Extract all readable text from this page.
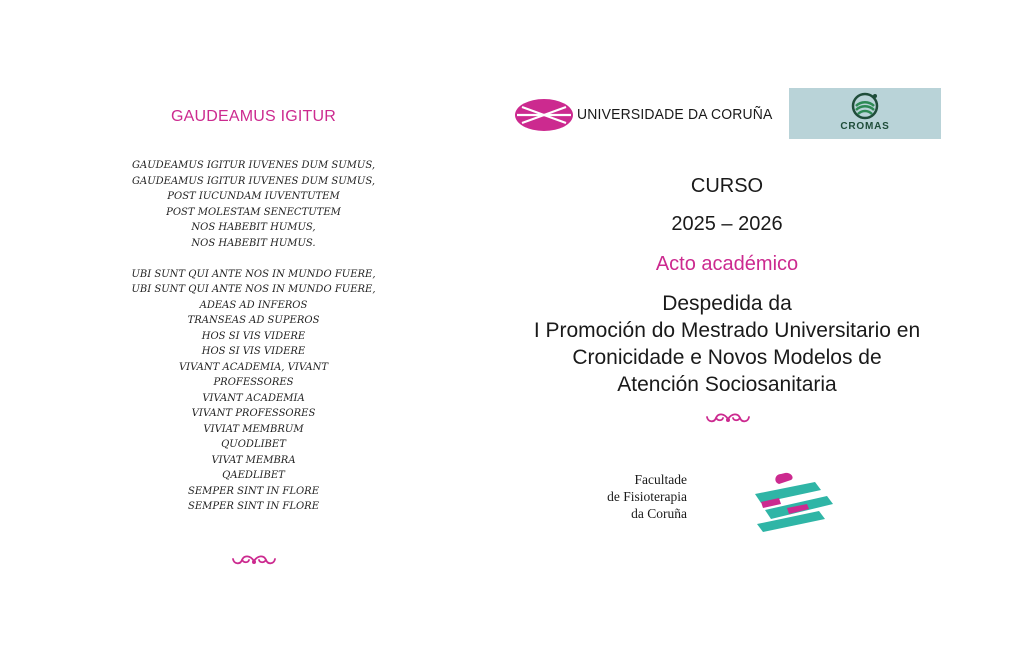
GAUDEAMUS IGITUR
GAUDEAMUS IGITUR IUVENES DUM SUMUS,
GAUDEAMUS IGITUR IUVENES DUM SUMUS,
POST IUCUNDAM IUVENTUTEM
POST MOLESTAM SENECTUTEM
NOS HABEBIT HUMUS,
NOS HABEBIT HUMUS.
UBI SUNT QUI ANTE NOS IN MUNDO FUERE,
UBI SUNT QUI ANTE NOS IN MUNDO FUERE,
ADEAS AD INFEROS
TRANSEAS AD SUPEROS
HOS SI VIS VIDERE
HOS SI VIS VIDERE
VIVANT ACADEMIA, VIVANT
PROFESSORES
VIVANT ACADEMIA
VIVANT PROFESSORES
VIVIAT MEMBRUM
QUODLIBET
VIVAT MEMBRA
QAEDLIBET
SEMPER SINT IN FLORE
SEMPER SINT IN FLORE
UNIVERSIDADE DA CORUÑA
CROMAS
CURSO
2025 – 2026
Acto académico
Despedida da
I Promoción do Mestrado Universitario en
Cronicidade e Novos Modelos de
Atención Sociosanitaria
Facultade
de Fisioterapia
da Coruña
